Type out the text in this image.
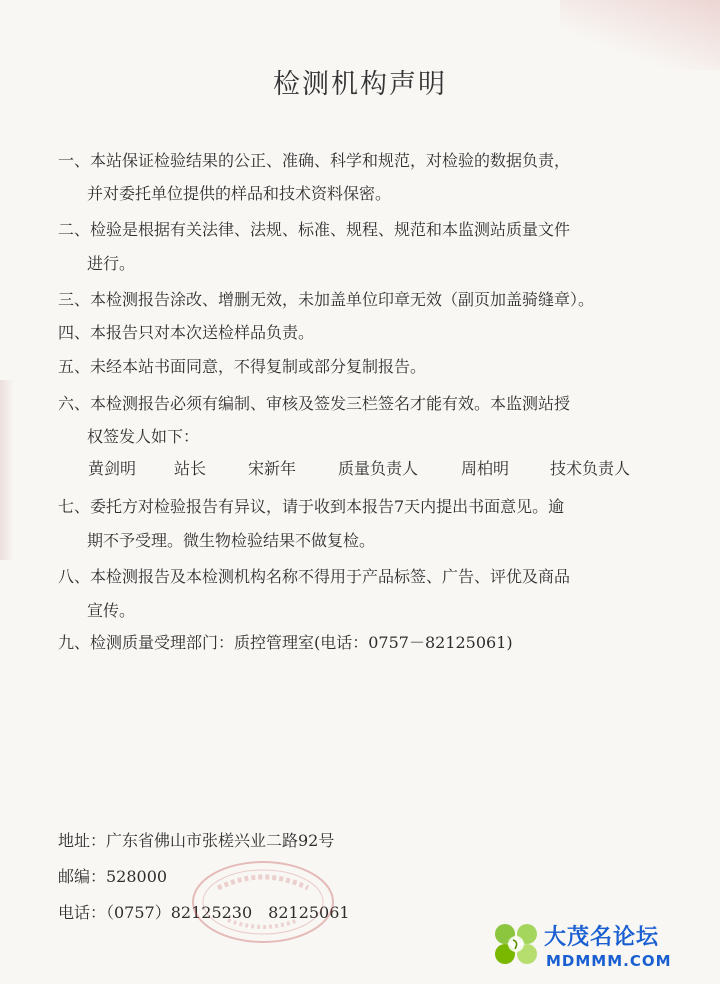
检测机构声明
一、本站保证检验结果的公正、准确、科学和规范，对检验的数据负责，
并对委托单位提供的样品和技术资料保密。
二、检验是根据有关法律、法规、标准、规程、规范和本监测站质量文件
进行。
三、本检测报告涂改、增删无效，未加盖单位印章无效（副页加盖骑缝章）。
四、本报告只对本次送检样品负责。
五、未经本站书面同意，不得复制或部分复制报告。
六、本检测报告必须有编制、审核及签发三栏签名才能有效。本监测站授
权签发人如下：
黄剑明 站长	宋新年	质量负责人	周柏明	技术负责人
七、委托方对检验报告有异议，请于收到本报告7天内提出书面意见。逾
期不予受理。微生物检验结果不做复检。
八、本检测报告及本检测机构名称不得用于产品标签、广告、评优及商品
宣传。
九、检测质量受理部门：质控管理室(电话：0757－82125061)
地址：广东省佛山市张槎兴业二路92号
邮编：528000
电话：（0757）82125230　82125061
大茂名论坛
MDMMM.COM
